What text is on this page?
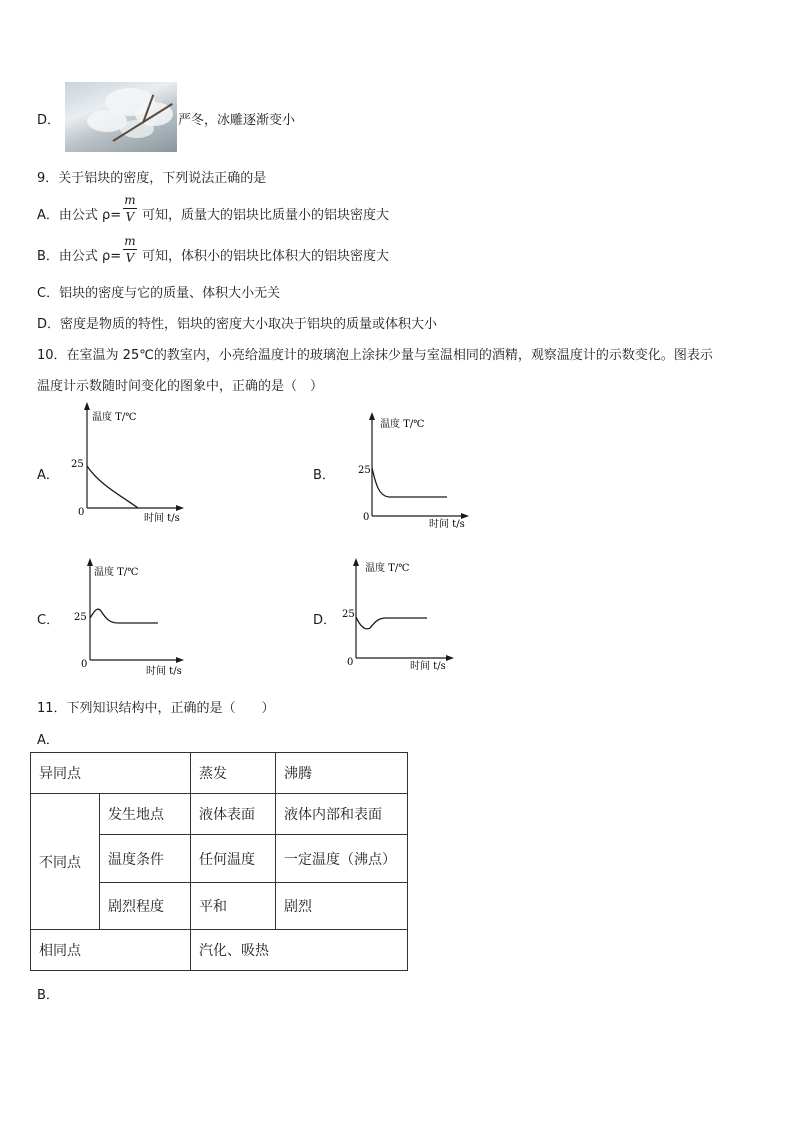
D．	严冬，冰雕逐渐变小
9．关于铝块的密度，下列说法正确的是
A．由公式 ρ=
m
V 可知，质量大的铝块比质量小的铝块密度大
B．由公式 ρ=
m
V 可知，体积小的铝块比体积大的铝块密度大
C．铝块的密度与它的质量、体积大小无关
D．密度是物质的特性，铝块的密度大小取决于铝块的质量或体积大小
10．在室温为 25℃的教室内，小亮给温度计的玻璃泡上涂抹少量与室温相同的酒精，观察温度计的示数变化。图表示
温度计示数随时间变化的图象中，正确的是（　）
A．
温度 T/℃
25
0
时间 t/s
B．
温度 T/℃
25
0
时间 t/s
C．
温度 T/℃
25
0
时间 t/s
D．
温度 T/℃
25
0	时间 t/s
11．下列知识结构中，正确的是（　　）
A．
异同点		蒸发	沸腾
不同点	发生地点	液体表面	液体内部和表面
	温度条件	任何温度	一定温度（沸点）
	剧烈程度	平和	剧烈
相同点		汽化、吸热	
B．
